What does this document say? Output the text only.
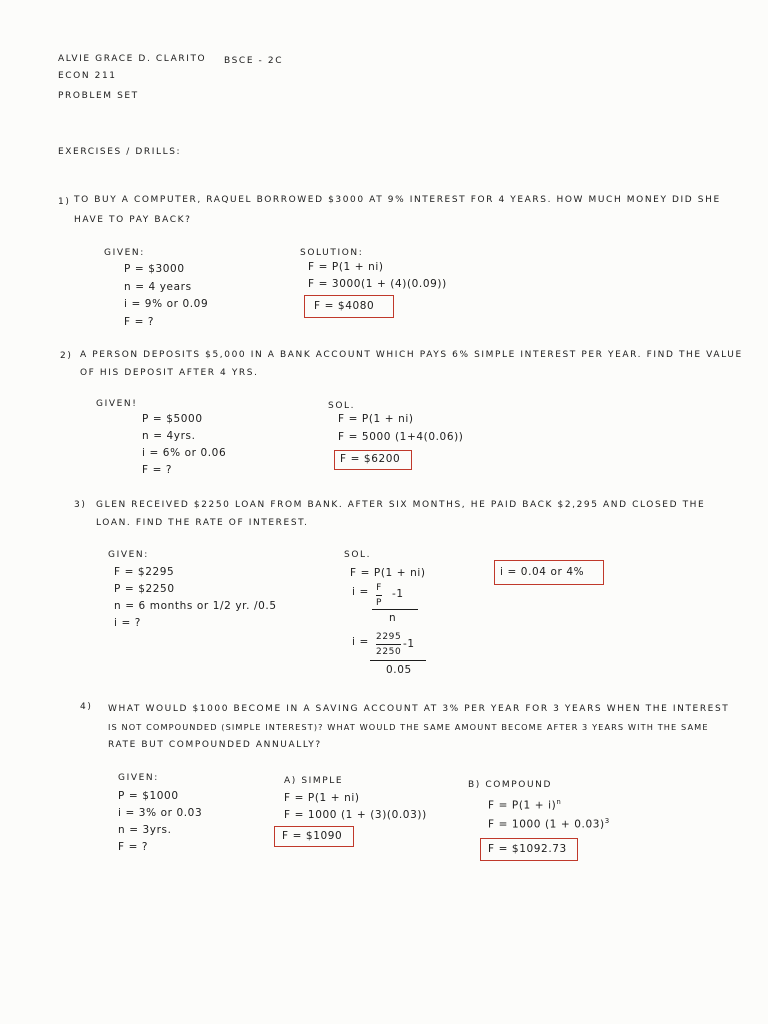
ALVIE GRACE D. CLARITO BSCE - 2C
ECON 211
PROBLEM SET
EXERCISES / DRILLS:
1) TO BUY A COMPUTER, RAQUEL BORROWED $3000 AT 9% INTEREST FOR 4 YEARS. HOW MUCH MONEY DID SHE
HAVE TO PAY BACK?
GIVEN:
P = $3000
n = 4 years
i = 9% or 0.09
F = ?
SOLUTION:
F = P(1 + ni)
F = 3000(1 + (4)(0.09))
F = $4080
2) A PERSON DEPOSITS $5,000 IN A BANK ACCOUNT WHICH PAYS 6% SIMPLE INTEREST PER YEAR. FIND THE VALUE
OF HIS DEPOSIT AFTER 4 YRS.
GIVEN!
P = $5000
n = 4yrs.
i = 6% or 0.06
F = ?
SOL.
F = P(1 + ni)
F = 5000 (1+4(0.06))
F = $6200
3) GLEN RECEIVED $2250 LOAN FROM BANK. AFTER SIX MONTHS, HE PAID BACK $2,295 AND CLOSED THE
LOAN. FIND THE RATE OF INTEREST.
GIVEN:
F = $2295
P = $2250
n = 6 months or 1/2 yr. /0.5
i = ?
SOL.
F = P(1 + ni)
i = F
P
-1
n
i = 2295
2250
-1
0.05
i = 0.04 or 4%
4) WHAT WOULD $1000 BECOME IN A SAVING ACCOUNT AT 3% PER YEAR FOR 3 YEARS WHEN THE INTEREST
IS NOT COMPOUNDED (SIMPLE INTEREST)? WHAT WOULD THE SAME AMOUNT BECOME AFTER 3 YEARS WITH THE SAME
RATE BUT COMPOUNDED ANNUALLY?
GIVEN:
P = $1000
i = 3% or 0.03
n = 3yrs.
F = ?
A) SIMPLE
F = P(1 + ni)
F = 1000 (1 + (3)(0.03))
F = $1090
B) COMPOUND
$F = P(1 + i)^n$
F = 1000 $(1 + 0.03)^3$
F = $1092.73
